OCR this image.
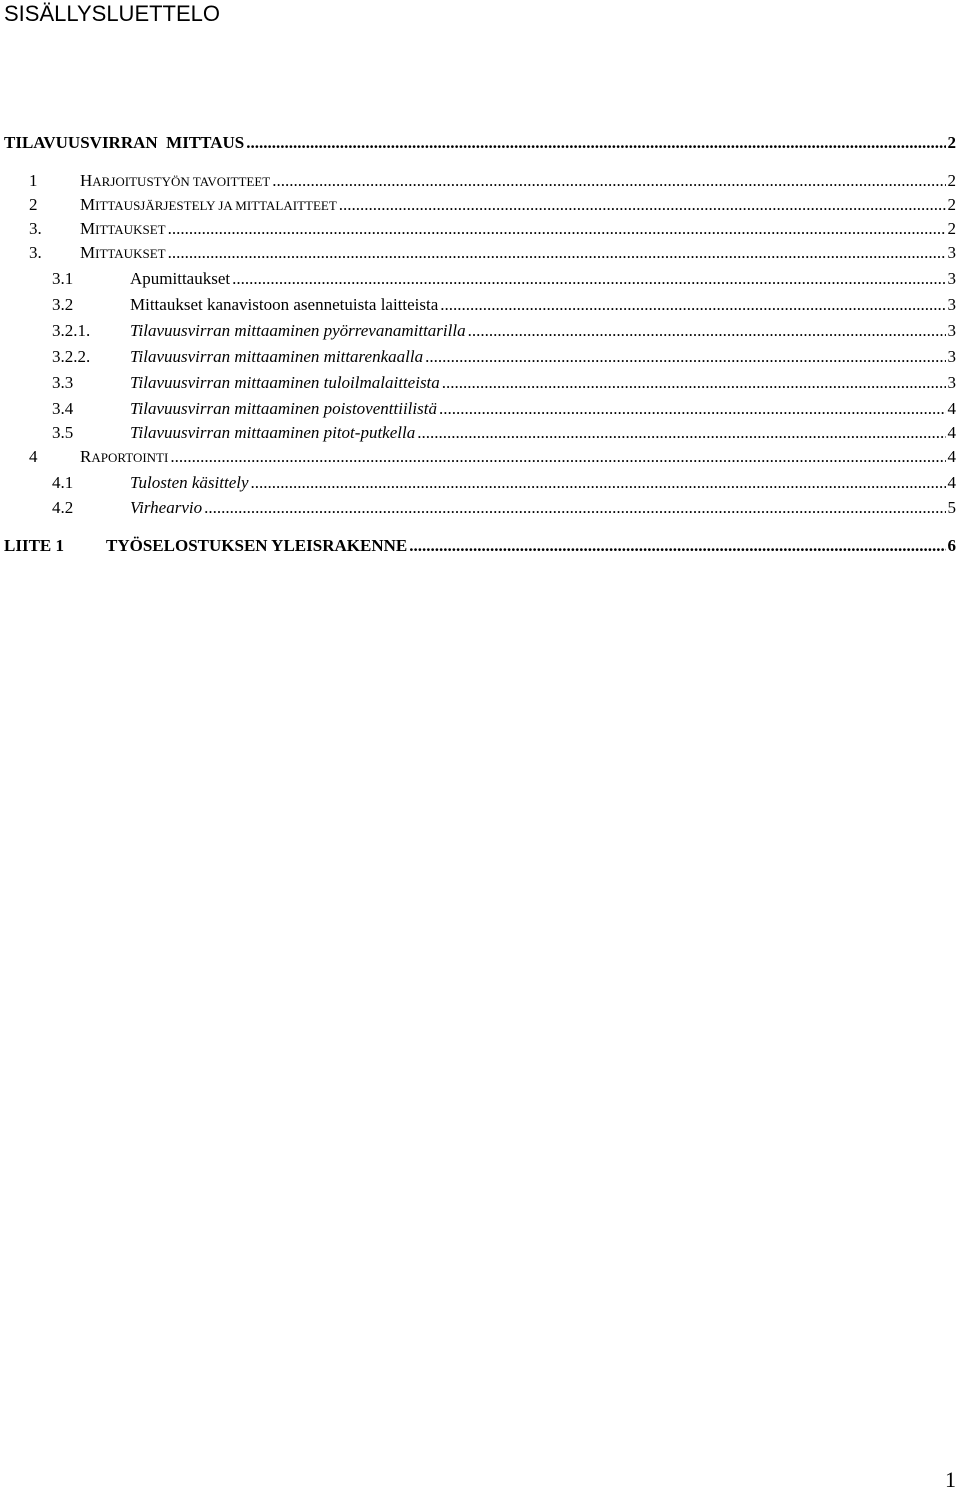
SISÄLLYSLUETTELO
TILAVUUSVIRRAN  MITTAUS .....	2
1	HARJOITUSTYÖN TAVOITTEET .....	2
2	MITTAUSJÄRJESTELY JA MITTALAITTEET .....	2
3.	MITTAUKSET .....	2
3.	MITTAUKSET .....	3
3.1	Apumittaukset .....	3
3.2	Mittaukset kanavistoon asennetuista laitteista .....	3
3.2.1.	Tilavuusvirran mittaaminen pyörrevanamittarilla .....	3
3.2.2.	Tilavuusvirran mittaaminen mittarenkaalla .....	3
3.3	Tilavuusvirran mittaaminen tuloilmalaitteista .....	3
3.4	Tilavuusvirran mittaaminen poistoventtiilistä .....	4
3.5	Tilavuusvirran mittaaminen pitot-putkella .....	4
4	RAPORTOINTI .....	4
4.1	Tulosten käsittely .....	4
4.2	Virhearvio .....	5
LIITE 1	TYÖSELOSTUKSEN YLEISRAKENNE .....	6
1
